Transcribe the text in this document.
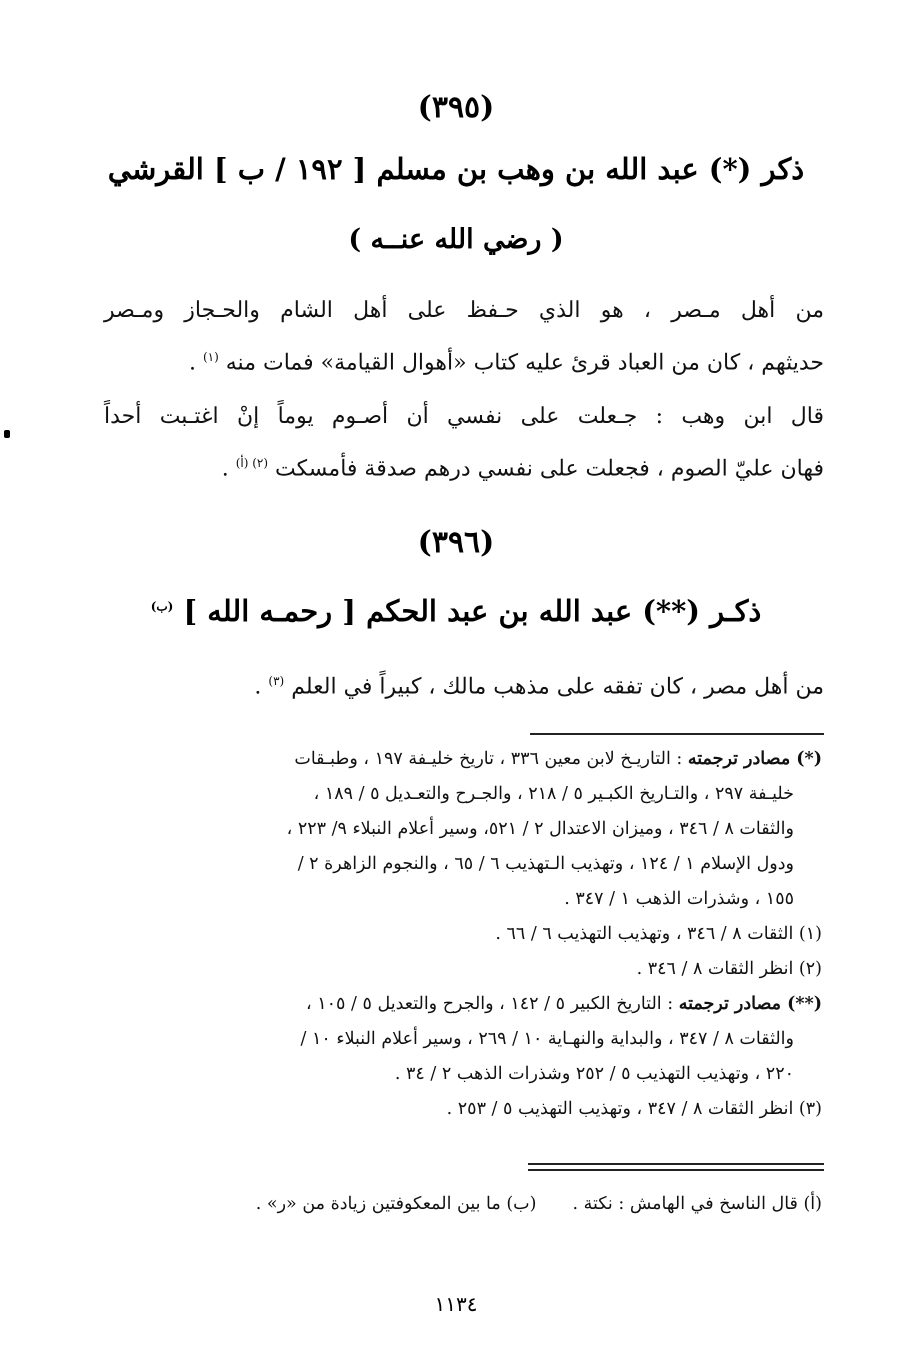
(٣٩٥)
ذكر (*) عبد الله بن وهب بن مسلم [ ١٩٢ / ب ] القرشي
( رضي الله عنــه )

من أهل مـصر ، هو الذي حـفظ على أهل الشام والحـجاز ومـصر

حديثهم ، كان من العباد قرئ عليه كتاب «أهوال القيامة» فمات منه $^{(١)}$ .

قال ابن وهب : جـعلت على نفسي أن أصـوم يوماً إنْ اغتـبت أحداً

فهان عليّ الصوم ، فجعلت على نفسي درهم صدقة فأمسكت $^{(٢) (أ)}$ .

(٣٩٦)
ذكـر (**) عبد الله بن عبد الحكم [ رحمـه الله ] $^{(ب)}$

من أهل مصر ، كان تفقه على مذهب مالك ، كبيراً في العلم $^{(٣)}$ .

(*) مصادر ترجمته : التاريـخ لابن معين ٣٣٦ ، تاريخ خليـفة ١٩٧ ، وطبـقات

خليـفة ٢٩٧ ، والتـاريخ الكبـير ٥ / ٢١٨ ، والجـرح والتعـديل ٥ / ١٨٩ ،

والثقات ٨ / ٣٤٦ ، وميزان الاعتدال ٢ / ٥٢١، وسير أعلام النبلاء ٩/ ٢٢٣ ،

ودول الإسلام ١ / ١٢٤ ، وتهذيب الـتهذيب ٦ / ٦٥ ، والنجوم الزاهرة ٢ /

١٥٥ ، وشذرات الذهب ١ / ٣٤٧ .

(١) الثقات ٨ / ٣٤٦ ، وتهذيب التهذيب ٦ / ٦٦ .

(٢) انظر الثقات ٨ / ٣٤٦ .

(**) مصادر ترجمته : التاريخ الكبير ٥ / ١٤٢ ، والجرح والتعديل ٥ / ١٠٥ ،

والثقات ٨ / ٣٤٧ ، والبداية والنهـاية ١٠ / ٢٦٩ ، وسير أعلام النبلاء ١٠ /

٢٢٠ ، وتهذيب التهذيب ٥ / ٢٥٢ وشذرات الذهب ٢ / ٣٤ .

(٣) انظر الثقات ٨ / ٣٤٧ ، وتهذيب التهذيب ٥ / ٢٥٣ .

(أ) قال الناسخ في الهامش : نكتة .(ب) ما بين المعكوفتين زيادة من «ر» .

١١٣٤
